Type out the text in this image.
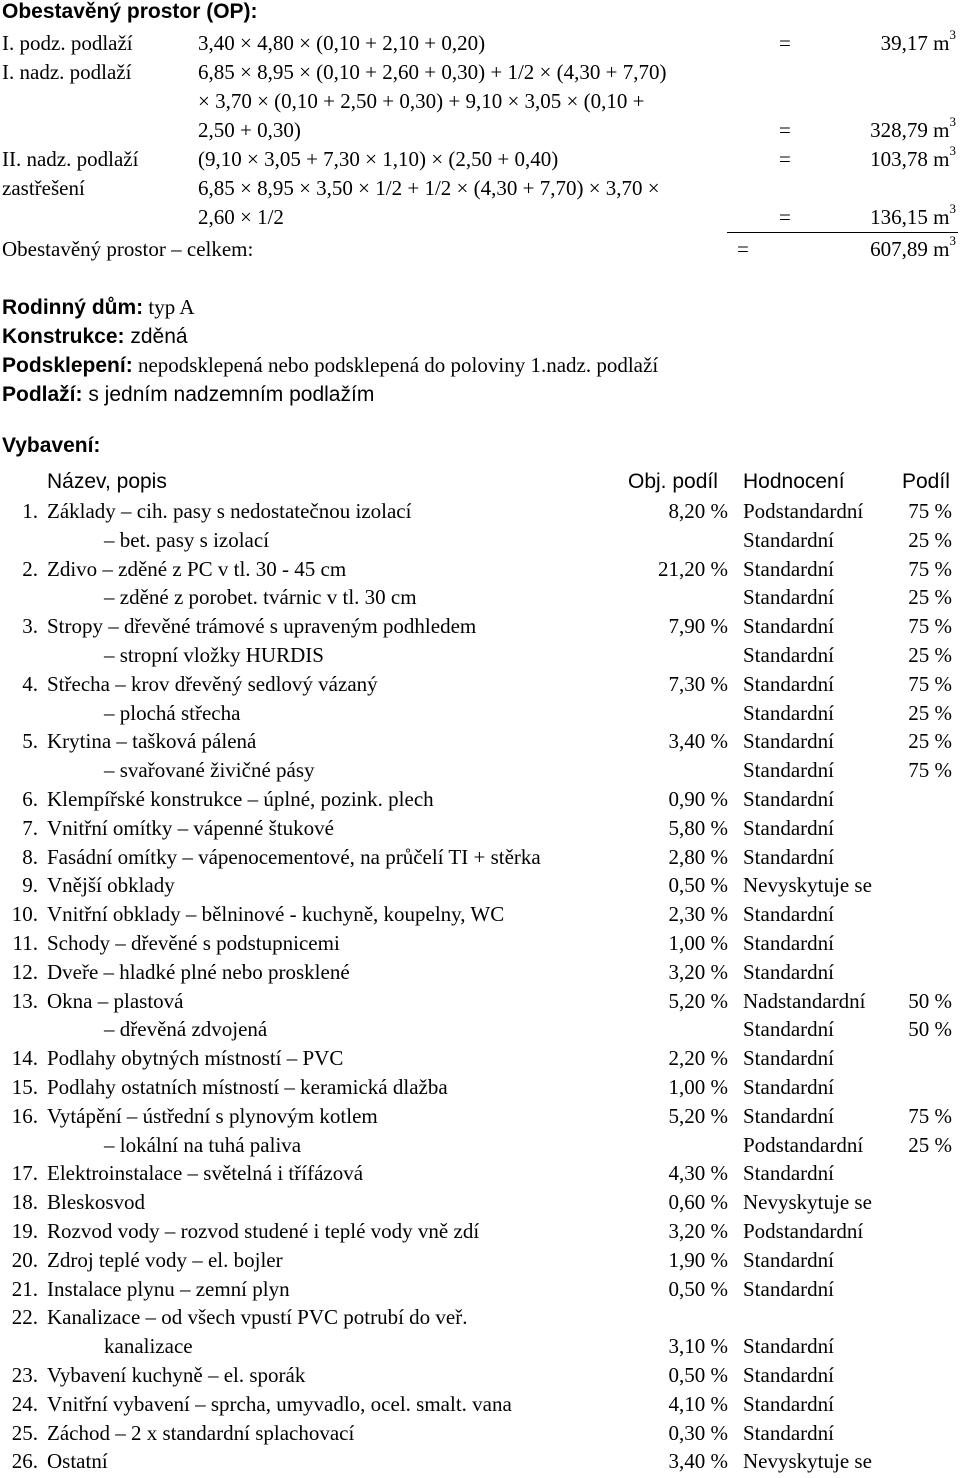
Obestavěný prostor (OP):
I. podz. podlaží	3,40 × 4,80 × (0,10 + 2,10 + 0,20)	=	39,17 $m^3$
I. nadz. podlaží	6,85 × 8,95 × (0,10 + 2,60 + 0,30) + 1/2 × (4,30 + 7,70)
× 3,70 × (0,10 + 2,50 + 0,30) + 9,10 × 3,05 × (0,10 +
2,50 + 0,30)	=	328,79 $m^3$
II. nadz. podlaží	(9,10 × 3,05 + 7,30 × 1,10) × (2,50 + 0,40)	=	103,78 $m^3$
zastřešení	6,85 × 8,95 × 3,50 × 1/2 + 1/2 × (4,30 + 7,70) × 3,70 ×
2,60 × 1/2	=	136,15 $m^3$
Obestavěný prostor – celkem:	=	607,89 $m^3$
Rodinný dům: typ A
Konstrukce: zděná
Podsklepení: nepodsklepená nebo podsklepená do poloviny 1.nadz. podlaží
Podlaží: s jedním nadzemním podlažím
Vybavení:
Název, popis	Obj. podíl Hodnocení	Podíl
1. Základy – cih. pasy s nedostatečnou izolací	8,20 % Podstandardní 75 %
– bet. pasy s izolací	Standardní	25 %
2. Zdivo – zděné z PC v tl. 30 - 45 cm	21,20 % Standardní	75 %
– zděné z porobet. tvárnic v tl. 30 cm	Standardní	25 %
3. Stropy – dřevěné trámové s upraveným podhledem	7,90 % Standardní	75 %
– stropní vložky HURDIS	Standardní	25 %
4. Střecha – krov dřevěný sedlový vázaný	7,30 % Standardní	75 %
– plochá střecha	Standardní	25 %
5. Krytina – tašková pálená	3,40 % Standardní	25 %
– svařované živičné pásy	Standardní	75 %
6. Klempířské konstrukce – úplné, pozink. plech	0,90 % Standardní
7. Vnitřní omítky – vápenné štukové	5,80 % Standardní
8. Fasádní omítky – vápenocementové, na průčelí TI + stěrka	2,80 % Standardní
9. Vnější obklady	0,50 % Nevyskytuje se
10. Vnitřní obklady – bělninové - kuchyně, koupelny, WC	2,30 % Standardní
11. Schody – dřevěné s podstupnicemi	1,00 % Standardní
12. Dveře – hladké plné nebo prosklené	3,20 % Standardní
13. Okna – plastová	5,20 % Nadstandardní 50 %
– dřevěná zdvojená	Standardní	50 %
14. Podlahy obytných místností – PVC	2,20 % Standardní
15. Podlahy ostatních místností – keramická dlažba	1,00 % Standardní
16. Vytápění – ústřední s plynovým kotlem	5,20 % Standardní	75 %
– lokální na tuhá paliva	Podstandardní 25 %
17. Elektroinstalace – světelná i třífázová	4,30 % Standardní
18. Bleskosvod	0,60 % Nevyskytuje se
19. Rozvod vody – rozvod studené i teplé vody vně zdí	3,20 % Podstandardní
20. Zdroj teplé vody – el. bojler	1,90 % Standardní
21. Instalace plynu – zemní plyn	0,50 % Standardní
22. Kanalizace – od všech vpustí PVC potrubí do veř.
kanalizace	3,10 % Standardní
23. Vybavení kuchyně – el. sporák	0,50 % Standardní
24. Vnitřní vybavení – sprcha, umyvadlo, ocel. smalt. vana	4,10 % Standardní
25. Záchod – 2 x standardní splachovací	0,30 % Standardní
26. Ostatní	3,40 % Nevyskytuje se
